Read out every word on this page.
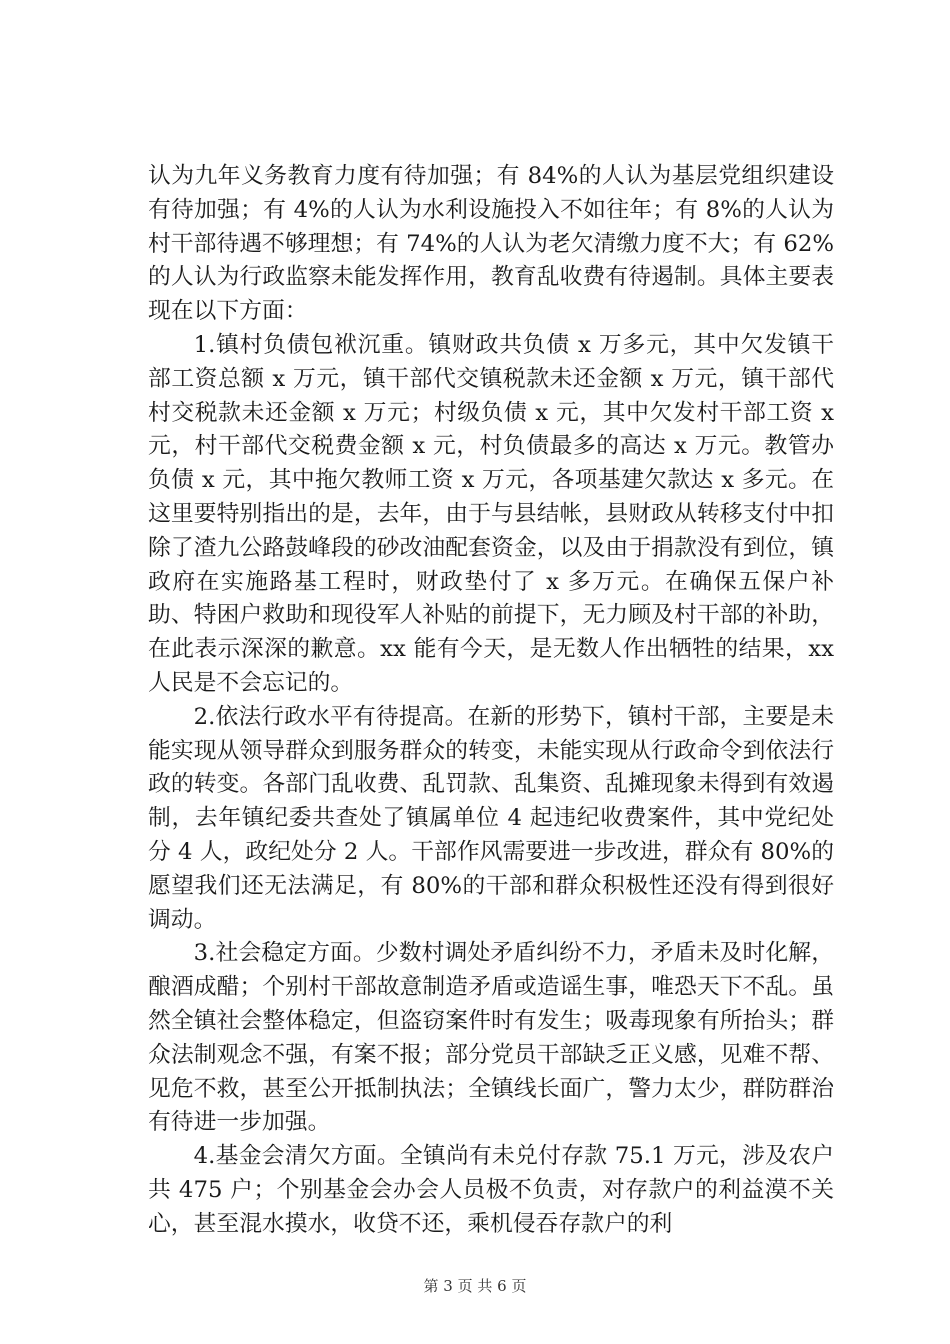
认为九年义务教育力度有待加强；有 84%的人认为基层党组织建设有待加强；有 4%的人认为水利设施投入不如往年；有 8%的人认为村干部待遇不够理想；有 74%的人认为老欠清缴力度不大；有 62%的人认为行政监察未能发挥作用，教育乱收费有待遏制。具体主要表现在以下方面：

1.镇村负债包袱沉重。镇财政共负债 x 万多元，其中欠发镇干部工资总额 x 万元，镇干部代交镇税款未还金额 x 万元，镇干部代村交税款未还金额 x 万元；村级负债 x 元，其中欠发村干部工资 x 元，村干部代交税费金额 x 元，村负债最多的高达 x 万元。教管办负债 x 元，其中拖欠教师工资 x 万元，各项基建欠款达 x 多元。在这里要特别指出的是，去年，由于与县结帐，县财政从转移支付中扣除了渣九公路鼓峰段的砂改油配套资金，以及由于捐款没有到位，镇政府在实施路基工程时，财政垫付了 x 多万元。在确保五保户补助、特困户救助和现役军人补贴的前提下，无力顾及村干部的补助，在此表示深深的歉意。xx 能有今天，是无数人作出牺牲的结果，xx 人民是不会忘记的。

2.依法行政水平有待提高。在新的形势下，镇村干部，主要是未能实现从领导群众到服务群众的转变，未能实现从行政命令到依法行政的转变。各部门乱收费、乱罚款、乱集资、乱摊现象未得到有效遏制，去年镇纪委共查处了镇属单位 4 起违纪收费案件，其中党纪处分 4 人，政纪处分 2 人。干部作风需要进一步改进，群众有 80%的愿望我们还无法满足，有 80%的干部和群众积极性还没有得到很好调动。

3.社会稳定方面。少数村调处矛盾纠纷不力，矛盾未及时化解，酿酒成醋；个别村干部故意制造矛盾或造谣生事，唯恐天下不乱。虽然全镇社会整体稳定，但盗窃案件时有发生；吸毒现象有所抬头；群众法制观念不强，有案不报；部分党员干部缺乏正义感，见难不帮、见危不救，甚至公开抵制执法；全镇线长面广，警力太少，群防群治有待进一步加强。

4.基金会清欠方面。全镇尚有未兑付存款 75.1 万元，涉及农户共 475 户；个别基金会办会人员极不负责，对存款户的利益漠不关心，甚至混水摸水，收贷不还，乘机侵吞存款户的利

第 3 页 共 6 页
